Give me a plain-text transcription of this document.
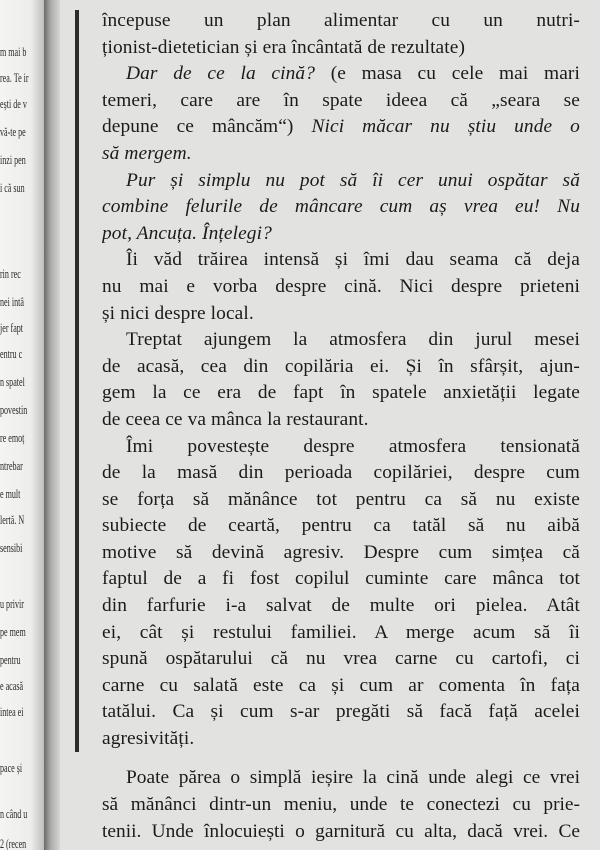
m mai b
rea. Te ir
ești de v
vă-te pe
inzi pen
i că sun
rin rec
nei intâ
jer fapt
entru c
n spatel
povestin
re emoț
ntrebar
e mult
lertă. N
sensibi
u privir
pe mem
pentru
e acasă
intea ei
pace și
n când u
2 (recen
începuse un plan alimentar cu un nutri-
ționist-dietetician și era încântată de rezultate)
Dar de ce la cină? (e masa cu cele mai mari
temeri, care are în spate ideea că „seara se
depune ce mâncăm“) Nici măcar nu știu unde o
să mergem.
Pur și simplu nu pot să îi cer unui ospătar să
combine felurile de mâncare cum aș vrea eu! Nu
pot, Ancuța. Înțelegi?
Îi văd trăirea intensă și îmi dau seama că deja
nu mai e vorba despre cină. Nici despre prieteni
și nici despre local.
Treptat ajungem la atmosfera din jurul mesei
de acasă, cea din copilăria ei. Și în sfârșit, ajun-
gem la ce era de fapt în spatele anxietății legate
de ceea ce va mânca la restaurant.
Îmi povestește despre atmosfera tensionată
de la masă din perioada copilăriei, despre cum
se forța să mănânce tot pentru ca să nu existe
subiecte de ceartă, pentru ca tatăl să nu aibă
motive să devină agresiv. Despre cum simțea că
faptul de a fi fost copilul cuminte care mânca tot
din farfurie i-a salvat de multe ori pielea. Atât
ei, cât și restului familiei. A merge acum să îi
spună ospătarului că nu vrea carne cu cartofi, ci
carne cu salată este ca și cum ar comenta în fața
tatălui. Ca și cum s-ar pregăti să facă față acelei
agresivități.
Poate părea o simplă ieșire la cină unde alegi ce vrei
să mănânci dintr-un meniu, unde te conectezi cu prie-
tenii. Unde înlocuiești o garnitură cu alta, dacă vrei. Ce
